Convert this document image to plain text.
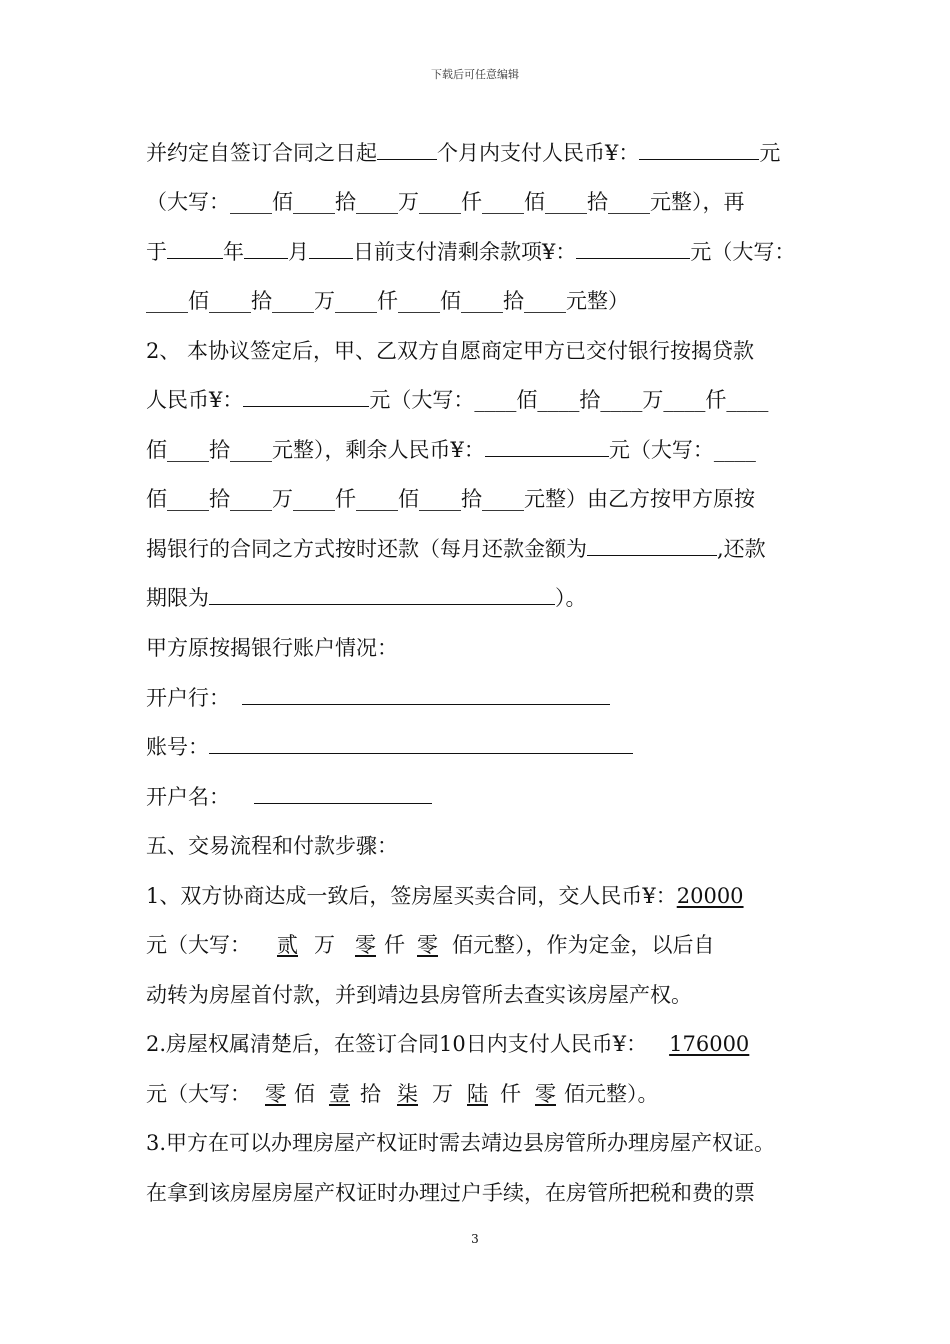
下载后可任意编辑
并约定自签订合同之日起	个月内支付人民币¥：	元
（大写：____佰____拾____万____仟____佰____拾____元整），再
于	年 月 日前支付清剩余款项¥：	元（大写：
____佰____拾____万____仟____佰____拾____元整）
2、 本协议签定后，甲、乙双方自愿商定甲方已交付银行按揭贷款
人民币¥：	元（大写：____佰____拾____万____仟____
佰____拾____元整），剩余人民币¥：	元（大写：____
佰____拾____万____仟____佰____拾____元整）由乙方按甲方原按
揭银行的合同之方式按时还款（每月还款金额为	,还款
期限为	）。
甲方原按揭银行账户情况：
开户行：
账号：
开户名：
五、交易流程和付款步骤：
1、双方协商达成一致后，签房屋买卖合同，交人民币¥：20000
元（大写： 贰 万 零 仟 零 佰元整），作为定金，以后自
动转为房屋首付款，并到靖边县房管所去查实该房屋产权。
2.房屋权属清楚后，在签订合同10日内支付人民币¥： 176000
元（大写： 零 佰 壹 拾 柒 万 陆 仟 零 佰元整）。
3.甲方在可以办理房屋产权证时需去靖边县房管所办理房屋产权证。
在拿到该房屋房屋产权证时办理过户手续，在房管所把税和费的票
3
